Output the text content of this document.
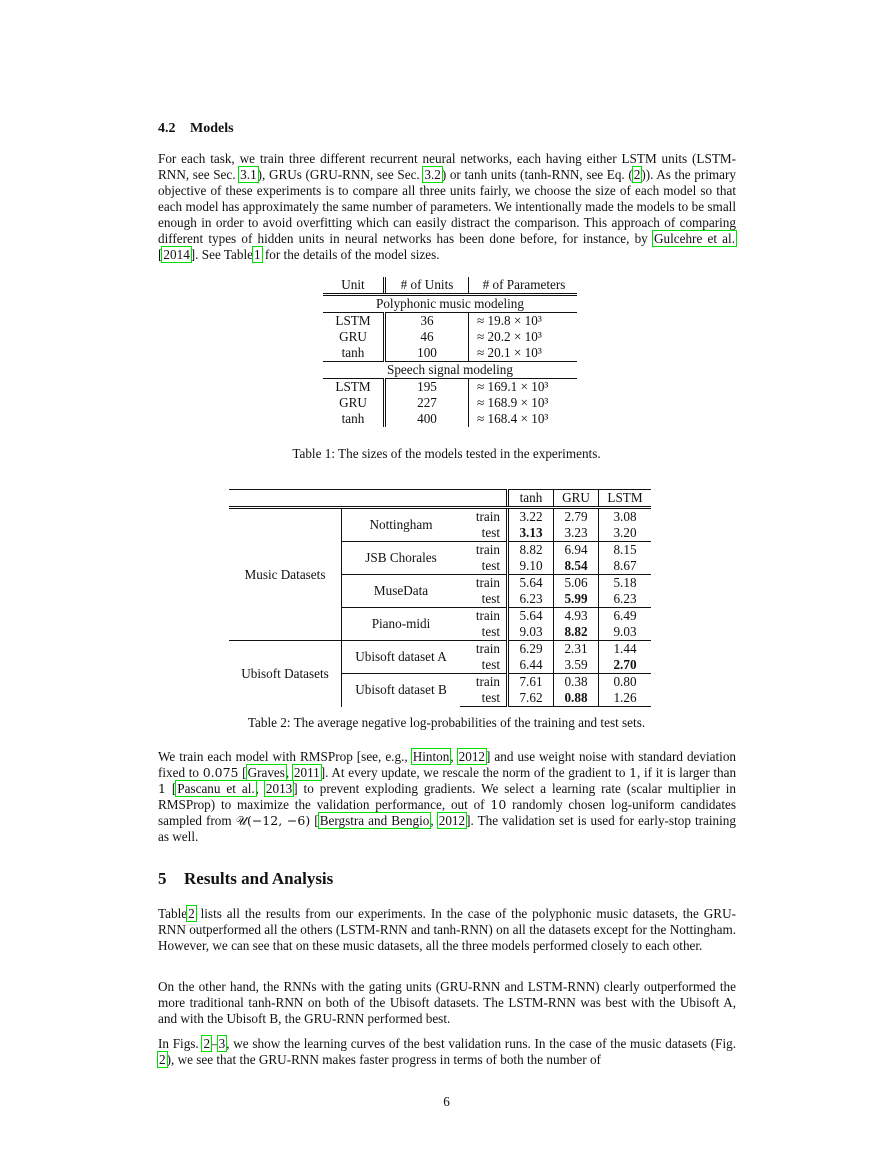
4.2 Models
For each task, we train three different recurrent neural networks, each having either LSTM units (LSTM-RNN, see Sec. 3.1), GRUs (GRU-RNN, see Sec. 3.2) or tanh units (tanh-RNN, see Eq. (2)). As the primary objective of these experiments is to compare all three units fairly, we choose the size of each model so that each model has approximately the same number of parameters. We intentionally made the models to be small enough in order to avoid overfitting which can easily distract the comparison. This approach of comparing different types of hidden units in neural networks has been done before, for instance, by Gulcehre et al. [2014]. See Table1 for the details of the model sizes.
Unit	# of Units	# of Parameters
Polyphonic music modeling		
LSTM	36	≈ 19.8 × 10³
GRU	46	≈ 20.2 × 10³
tanh	100	≈ 20.1 × 10³
Speech signal modeling		
LSTM	195	≈ 169.1 × 10³
GRU	227	≈ 168.9 × 10³
tanh	400	≈ 168.4 × 10³
Table 1: The sizes of the models tested in the experiments.
			tanh	GRU	LSTM
Music Datasets	Nottingham	train	3.22	2.79	3.08
		test	3.13	3.23	3.20
	JSB Chorales	train	8.82	6.94	8.15
		test	9.10	8.54	8.67
	MuseData	train	5.64	5.06	5.18
		test	6.23	5.99	6.23
	Piano-midi	train	5.64	4.93	6.49
		test	9.03	8.82	9.03
Ubisoft Datasets	Ubisoft dataset A	train	6.29	2.31	1.44
		test	6.44	3.59	2.70
	Ubisoft dataset B	train	7.61	0.38	0.80
		test	7.62	0.88	1.26
Table 2: The average negative log-probabilities of the training and test sets.
We train each model with RMSProp [see, e.g., Hinton, 2012] and use weight noise with standard deviation fixed to 0.075 [Graves, 2011]. At every update, we rescale the norm of the gradient to 1, if it is larger than 1 [Pascanu et al., 2013] to prevent exploding gradients. We select a learning rate (scalar multiplier in RMSProp) to maximize the validation performance, out of 10 randomly chosen log-uniform candidates sampled from 𝒰(−12, −6) [Bergstra and Bengio, 2012]. The validation set is used for early-stop training as well.
5 Results and Analysis
Table2 lists all the results from our experiments. In the case of the polyphonic music datasets, the GRU-RNN outperformed all the others (LSTM-RNN and tanh-RNN) on all the datasets except for the Nottingham. However, we can see that on these music datasets, all the three models performed closely to each other.
On the other hand, the RNNs with the gating units (GRU-RNN and LSTM-RNN) clearly outperformed the more traditional tanh-RNN on both of the Ubisoft datasets. The LSTM-RNN was best with the Ubisoft A, and with the Ubisoft B, the GRU-RNN performed best.
In Figs. 2–3, we show the learning curves of the best validation runs. In the case of the music datasets (Fig. 2), we see that the GRU-RNN makes faster progress in terms of both the number of
6
